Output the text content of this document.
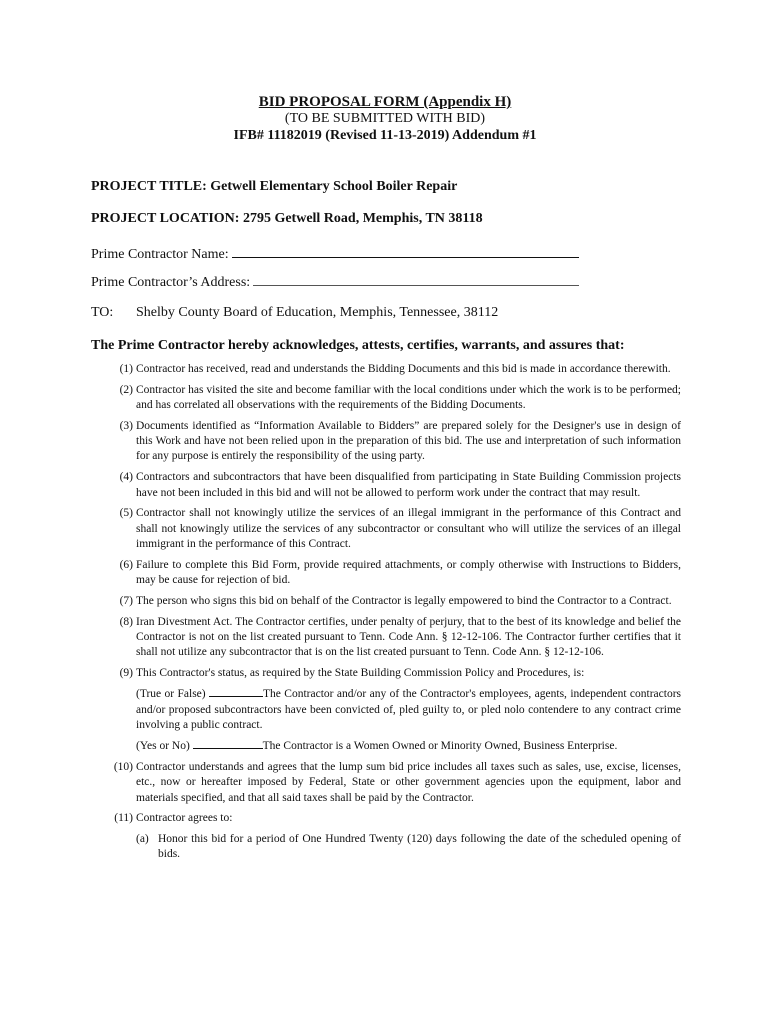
BID PROPOSAL FORM (Appendix H)
(TO BE SUBMITTED WITH BID)
IFB# 11182019 (Revised 11-13-2019) Addendum #1
PROJECT TITLE: Getwell Elementary School Boiler Repair
PROJECT LOCATION: 2795 Getwell Road, Memphis, TN 38118
Prime Contractor Name:
Prime Contractor’s Address:
TO: Shelby County Board of Education, Memphis, Tennessee, 38112
The Prime Contractor hereby acknowledges, attests, certifies, warrants, and assures that:
(1) Contractor has received, read and understands the Bidding Documents and this bid is made in accordance therewith.
(2) Contractor has visited the site and become familiar with the local conditions under which the work is to be performed; and has correlated all observations with the requirements of the Bidding Documents.
(3) Documents identified as “Information Available to Bidders” are prepared solely for the Designer's use in design of this Work and have not been relied upon in the preparation of this bid. The use and interpretation of such information for any purpose is entirely the responsibility of the using party.
(4) Contractors and subcontractors that have been disqualified from participating in State Building Commission projects have not been included in this bid and will not be allowed to perform work under the contract that may result.
(5) Contractor shall not knowingly utilize the services of an illegal immigrant in the performance of this Contract and shall not knowingly utilize the services of any subcontractor or consultant who will utilize the services of an illegal immigrant in the performance of this Contract.
(6) Failure to complete this Bid Form, provide required attachments, or comply otherwise with Instructions to Bidders, may be cause for rejection of bid.
(7) The person who signs this bid on behalf of the Contractor is legally empowered to bind the Contractor to a Contract.
(8) Iran Divestment Act. The Contractor certifies, under penalty of perjury, that to the best of its knowledge and belief the Contractor is not on the list created pursuant to Tenn. Code Ann. § 12-12-106. The Contractor further certifies that it shall not utilize any subcontractor that is on the list created pursuant to Tenn. Code Ann. § 12-12-106.
(9) This Contractor's status, as required by the State Building Commission Policy and Procedures, is:
(True or False)	The Contractor and/or any of the Contractor's employees, agents, independent contractors and/or proposed subcontractors have been convicted of, pled guilty to, or pled nolo contendere to any contract crime involving a public contract.
(Yes or No)	The Contractor is a Women Owned or Minority Owned, Business Enterprise.
(10) Contractor understands and agrees that the lump sum bid price includes all taxes such as sales, use, excise, licenses, etc., now or hereafter imposed by Federal, State or other government agencies upon the equipment, labor and materials specified, and that all said taxes shall be paid by the Contractor.
(11) Contractor agrees to:
(a) Honor this bid for a period of One Hundred Twenty (120) days following the date of the scheduled opening of bids.
